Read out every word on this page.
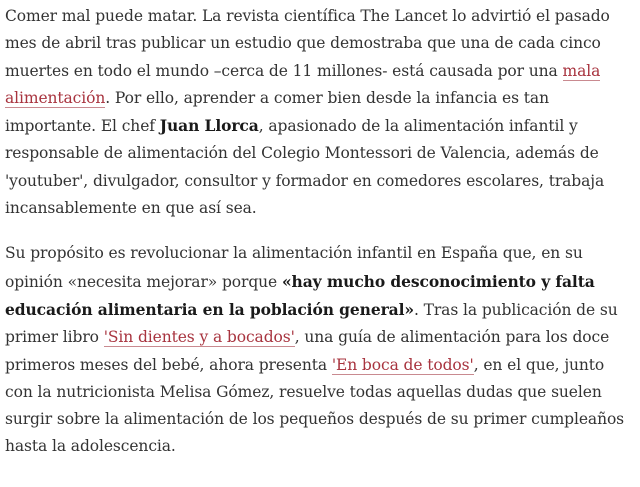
Comer mal puede matar. La revista científica The Lancet lo advirtió el pasado mes de abril tras publicar un estudio que demostraba que una de cada cinco muertes en todo el mundo –cerca de 11 millones- está causada por una mala alimentación. Por ello, aprender a comer bien desde la infancia es tan importante. El chef Juan Llorca, apasionado de la alimentación infantil y responsable de alimentación del Colegio Montessori de Valencia, además de 'youtuber', divulgador, consultor y formador en comedores escolares, trabaja incansablemente en que así sea.

Su propósito es revolucionar la alimentación infantil en España que, en su opinión «necesita mejorar» porque «hay mucho desconocimiento y falta educación alimentaria en la población general». Tras la publicación de su primer libro 'Sin dientes y a bocados', una guía de alimentación para los doce primeros meses del bebé, ahora presenta 'En boca de todos', en el que, junto con la nutricionista Melisa Gómez, resuelve todas aquellas dudas que suelen surgir sobre la alimentación de los pequeños después de su primer cumpleaños hasta la adolescencia.
